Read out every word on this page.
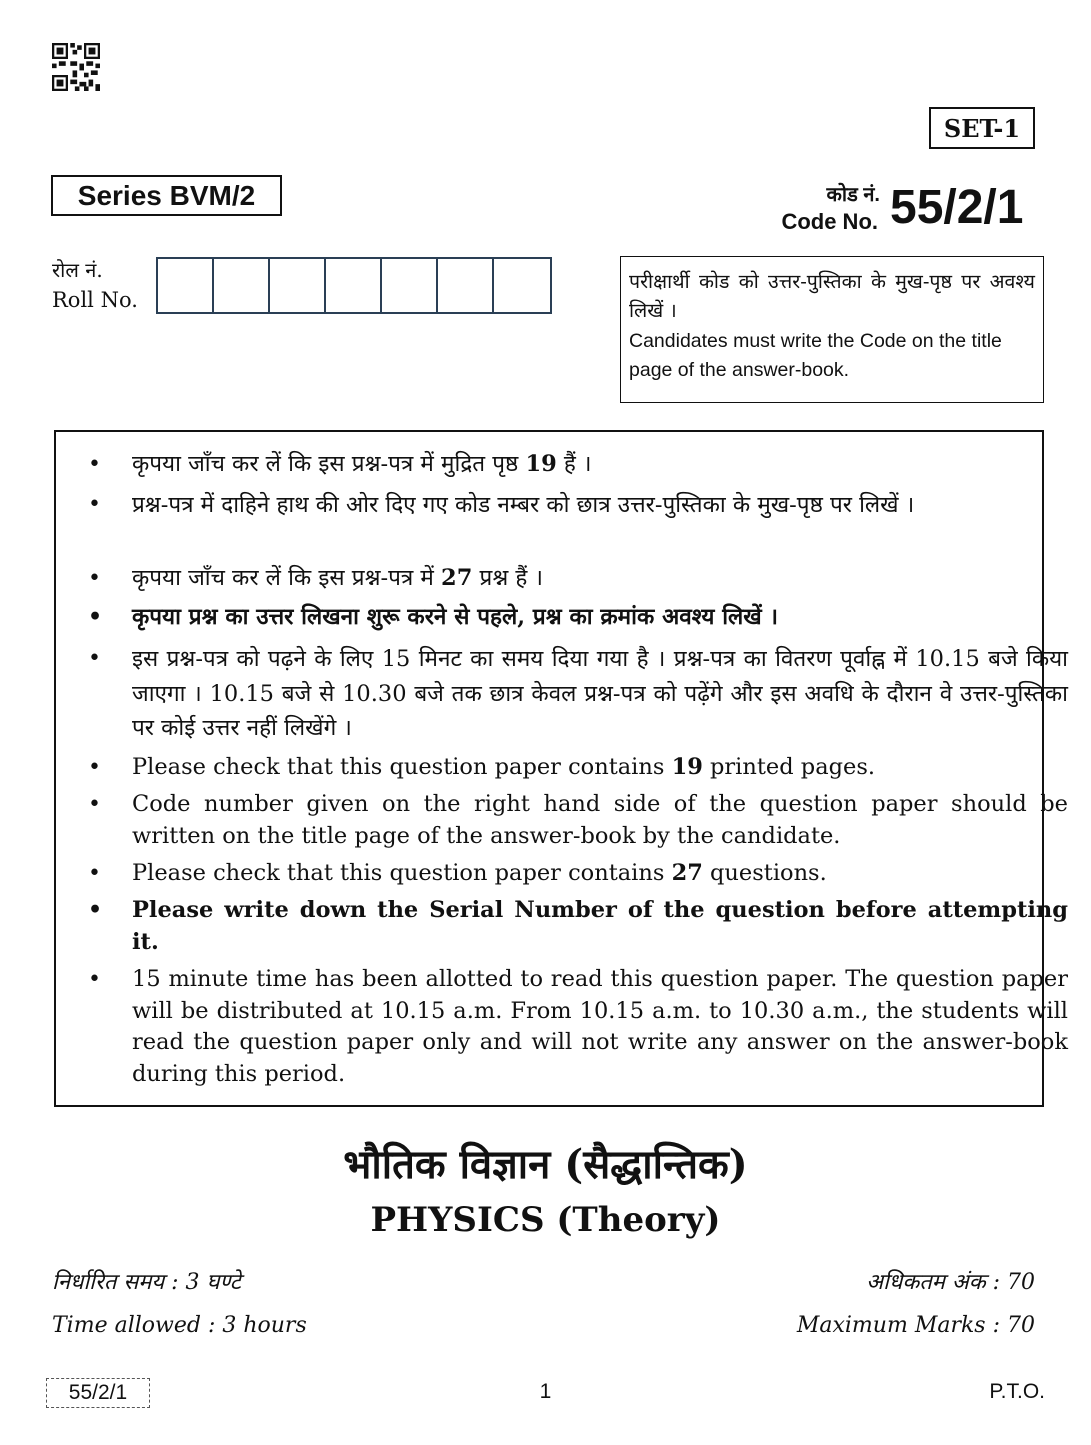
SET-1
Series BVM/2	कोड नं.
Code No. 55/2/1
रोल नं.
Roll No.
परीक्षार्थी कोड को उत्तर-पुस्तिका के मुख-पृष्ठ पर अवश्य लिखें ।
Candidates must write the Code on the title page of the answer-book.
• कृपया जाँच कर लें कि इस प्रश्न-पत्र में मुद्रित पृष्ठ 19 हैं ।
• प्रश्न-पत्र में दाहिने हाथ की ओर दिए गए कोड नम्बर को छात्र उत्तर-पुस्तिका के मुख-पृष्ठ पर लिखें ।
• कृपया जाँच कर लें कि इस प्रश्न-पत्र में 27 प्रश्न हैं ।
• कृपया प्रश्न का उत्तर लिखना शुरू करने से पहले, प्रश्न का क्रमांक अवश्य लिखें ।
• इस प्रश्न-पत्र को पढ़ने के लिए 15 मिनट का समय दिया गया है । प्रश्न-पत्र का वितरण पूर्वाह्न में 10.15 बजे किया जाएगा । 10.15 बजे से 10.30 बजे तक छात्र केवल प्रश्न-पत्र को पढ़ेंगे और इस अवधि के दौरान वे उत्तर-पुस्तिका पर कोई उत्तर नहीं लिखेंगे ।
• Please check that this question paper contains 19 printed pages.
• Code number given on the right hand side of the question paper should be written on the title page of the answer-book by the candidate.
• Please check that this question paper contains 27 questions.
• Please write down the Serial Number of the question before attempting it.
• 15 minute time has been allotted to read this question paper. The question paper will be distributed at 10.15 a.m. From 10.15 a.m. to 10.30 a.m., the students will read the question paper only and will not write any answer on the answer-book during this period.
भौतिक विज्ञान (सैद्धान्तिक)
PHYSICS (Theory)
निर्धारित समय : 3 घण्टे
Time allowed : 3 hours
अधिकतम अंक : 70
Maximum Marks : 70
55/2/1	1	P.T.O.
